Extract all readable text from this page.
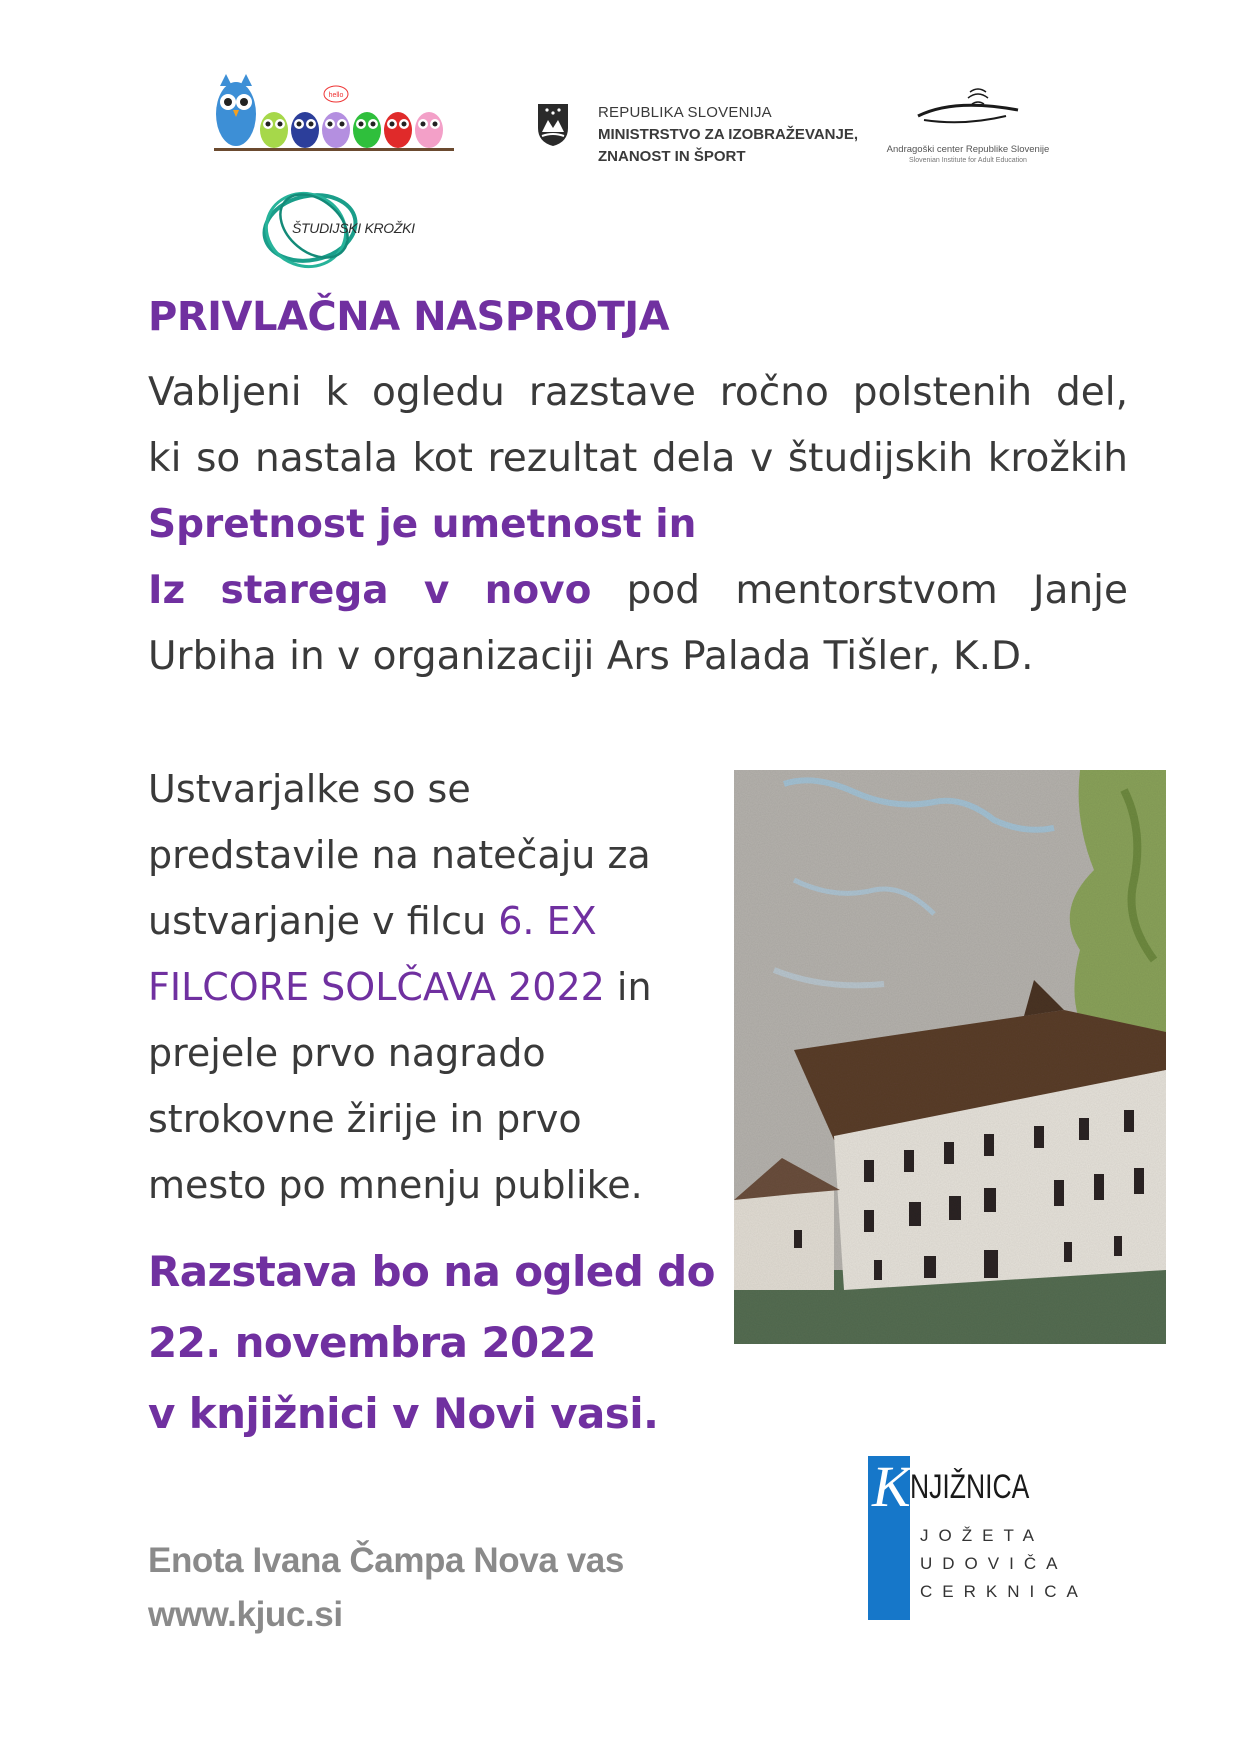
hello
REPUBLIKA SLOVENIJA
MINISTRSTVO ZA IZOBRAŽEVANJE,
ZNANOST IN ŠPORT	Andragoški center Republike Slovenije
Slovenian Institute for Adult Education
ŠTUDIJSKI KROŽKI
PRIVLAČNA NASPROTJA
Vabljeni k ogledu razstave ročno polstenih del,
ki so nastala kot rezultat dela v študijskih krožkih
Spretnost je umetnost in
Iz starega v novo pod mentorstvom Janje
Urbiha in v organizaciji Ars Palada Tišler, K.D.
Ustvarjalke so se
predstavile na natečaju za
ustvarjanje v filcu 6. EX
FILCORE SOLČAVA 2022 in
prejele prvo nagrado
strokovne žirije in prvo
mesto po mnenju publike.
Razstava bo na ogled do
22. novembra 2022
v knjižnici v Novi vasi.
Enota Ivana Čampa Nova vas
www.kjuc.si
K NJIŽNICA
JOŽETA
UDOVIČA
CERKNICA
